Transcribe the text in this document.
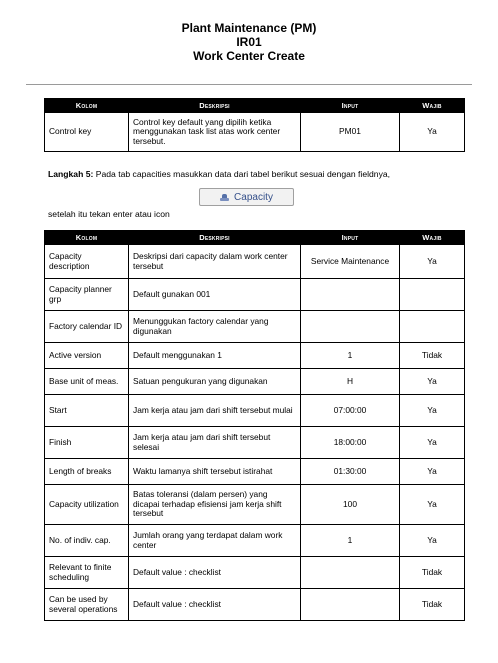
Plant Maintenance (PM)
IR01
Work Center Create
Kolom	Deskripsi	Input	Wajib
Control key	Control key default yang dipilih ketika menggunakan task list atas work center tersebut.	PM01	Ya
Langkah 5: Pada tab capacities masukkan data dari tabel berikut sesuai dengan fieldnya,
Capacity
setelah itu tekan enter atau icon
Kolom	Deskripsi	Input	Wajib
Capacity description	Deskripsi dari capacity dalam work center tersebut	Service Maintenance	Ya
Capacity planner grp	Default gunakan 001		
Factory calendar ID	Menunggukan factory calendar yang digunakan		
Active version	Default menggunakan 1	1	Tidak
Base unit of meas.	Satuan pengukuran yang digunakan	H	Ya
Start	Jam kerja atau jam dari shift tersebut mulai	07:00:00	Ya
Finish	Jam kerja atau jam dari shift tersebut selesai	18:00:00	Ya
Length of breaks	Waktu lamanya shift tersebut istirahat	01:30:00	Ya
Capacity utilization	Batas toleransi (dalam persen) yang dicapai terhadap efisiensi jam kerja shift tersebut	100	Ya
No. of indiv. cap.	Jumlah orang yang terdapat dalam work center	1	Ya
Relevant to finite scheduling	Default value : checklist		Tidak
Can be used by several operations	Default value : checklist		Tidak
